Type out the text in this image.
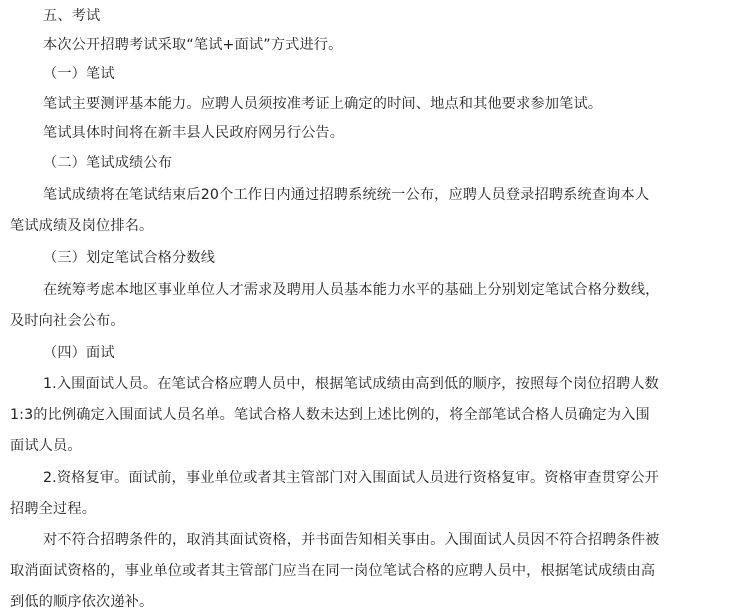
五、考试
本次公开招聘考试采取“笔试+面试”方式进行。
（一）笔试
笔试主要测评基本能力。应聘人员须按准考证上确定的时间、地点和其他要求参加笔试。
笔试具体时间将在新丰县人民政府网另行公告。
（二）笔试成绩公布
笔试成绩将在笔试结束后20个工作日内通过招聘系统统一公布，应聘人员登录招聘系统查询本人
笔试成绩及岗位排名。
（三）划定笔试合格分数线
在统筹考虑本地区事业单位人才需求及聘用人员基本能力水平的基础上分别划定笔试合格分数线，
及时向社会公布。
（四）面试
1.入围面试人员。在笔试合格应聘人员中，根据笔试成绩由高到低的顺序，按照每个岗位招聘人数
1:3的比例确定入围面试人员名单。笔试合格人数未达到上述比例的，将全部笔试合格人员确定为入围
面试人员。
2.资格复审。面试前，事业单位或者其主管部门对入围面试人员进行资格复审。资格审查贯穿公开
招聘全过程。
对不符合招聘条件的，取消其面试资格，并书面告知相关事由。入围面试人员因不符合招聘条件被
取消面试资格的，事业单位或者其主管部门应当在同一岗位笔试合格的应聘人员中，根据笔试成绩由高
到低的顺序依次递补。
